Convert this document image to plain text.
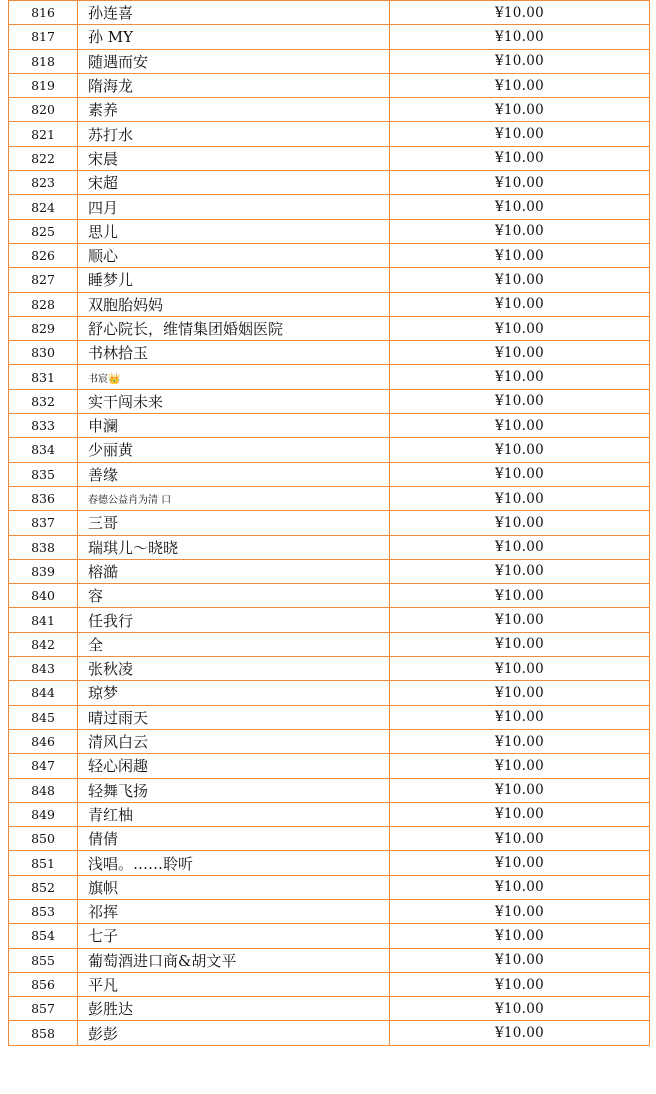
816	孙连喜	¥10.00
817	孙 MY	¥10.00
818	随遇而安	¥10.00
819	隋海龙	¥10.00
820	素养	¥10.00
821	苏打水	¥10.00
822	宋晨	¥10.00
823	宋超	¥10.00
824	四月	¥10.00
825	思儿	¥10.00
826	顺心	¥10.00
827	睡梦儿	¥10.00
828	双胞胎妈妈	¥10.00
829	舒心院长，维情集团婚姻医院	¥10.00
830	书林拾玉	¥10.00
831	书宸👑	¥10.00
832	实干闯未来	¥10.00
833	申澜	¥10.00
834	少丽黄	¥10.00
835	善缘	¥10.00
836	春德公益肖为清 口	¥10.00
837	三哥	¥10.00
838	瑞琪儿～晓晓	¥10.00
839	榕澔	¥10.00
840	容	¥10.00
841	任我行	¥10.00
842	全	¥10.00
843	张秋凌	¥10.00
844	琼梦	¥10.00
845	晴过雨天	¥10.00
846	清风白云	¥10.00
847	轻心闲趣	¥10.00
848	轻舞飞扬	¥10.00
849	青红柚	¥10.00
850	倩倩	¥10.00
851	浅唱。……聆听	¥10.00
852	旗帜	¥10.00
853	祁挥	¥10.00
854	七子	¥10.00
855	葡萄酒进口商&胡文平	¥10.00
856	平凡	¥10.00
857	彭胜达	¥10.00
858	彭彭	¥10.00
